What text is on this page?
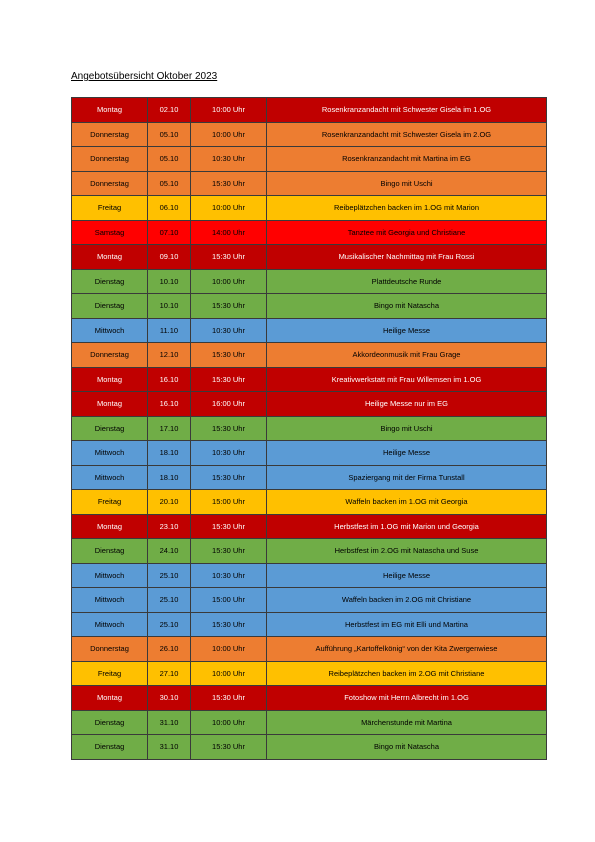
Angebotsübersicht Oktober 2023
Montag	02.10	10:00 Uhr	Rosenkranzandacht mit Schwester Gisela im 1.OG
Donnerstag	05.10	10:00 Uhr	Rosenkranzandacht mit Schwester Gisela im 2.OG
Donnerstag	05.10	10:30 Uhr	Rosenkranzandacht mit Martina im EG
Donnerstag	05.10	15:30 Uhr	Bingo mit Uschi
Freitag	06.10	10:00 Uhr	Reibeplätzchen backen im 1.OG mit Marion
Samstag	07.10	14:00 Uhr	Tanztee mit Georgia und Christiane
Montag	09.10	15:30 Uhr	Musikalischer Nachmittag mit Frau Rossi
Dienstag	10.10	10:00 Uhr	Plattdeutsche Runde
Dienstag	10.10	15:30 Uhr	Bingo mit Natascha
Mittwoch	11.10	10:30 Uhr	Heilige Messe
Donnerstag	12.10	15:30 Uhr	Akkordeonmusik mit Frau Grage
Montag	16.10	15:30 Uhr	Kreativwerkstatt mit Frau Willemsen im 1.OG
Montag	16.10	16:00 Uhr	Heilige Messe nur im EG
Dienstag	17.10	15:30 Uhr	Bingo mit Uschi
Mittwoch	18.10	10:30 Uhr	Heilige Messe
Mittwoch	18.10	15:30 Uhr	Spaziergang mit der Firma Tunstall
Freitag	20.10	15:00 Uhr	Waffeln backen im 1.OG mit Georgia
Montag	23.10	15:30 Uhr	Herbstfest im 1.OG mit Marion und Georgia
Dienstag	24.10	15:30 Uhr	Herbstfest im 2.OG mit Natascha und Suse
Mittwoch	25.10	10:30 Uhr	Heilige Messe
Mittwoch	25.10	15:00 Uhr	Waffeln backen im 2.OG mit Christiane
Mittwoch	25.10	15:30 Uhr	Herbstfest im EG mit Elli und Martina
Donnerstag	26.10	10:00 Uhr	Aufführung „Kartoffelkönig“ von der Kita Zwergenwiese
Freitag	27.10	10:00 Uhr	Reibeplätzchen backen im 2.OG mit Christiane
Montag	30.10	15:30 Uhr	Fotoshow mit Herrn Albrecht im 1.OG
Dienstag	31.10	10:00 Uhr	Märchenstunde mit Martina
Dienstag	31.10	15:30 Uhr	Bingo mit Natascha
